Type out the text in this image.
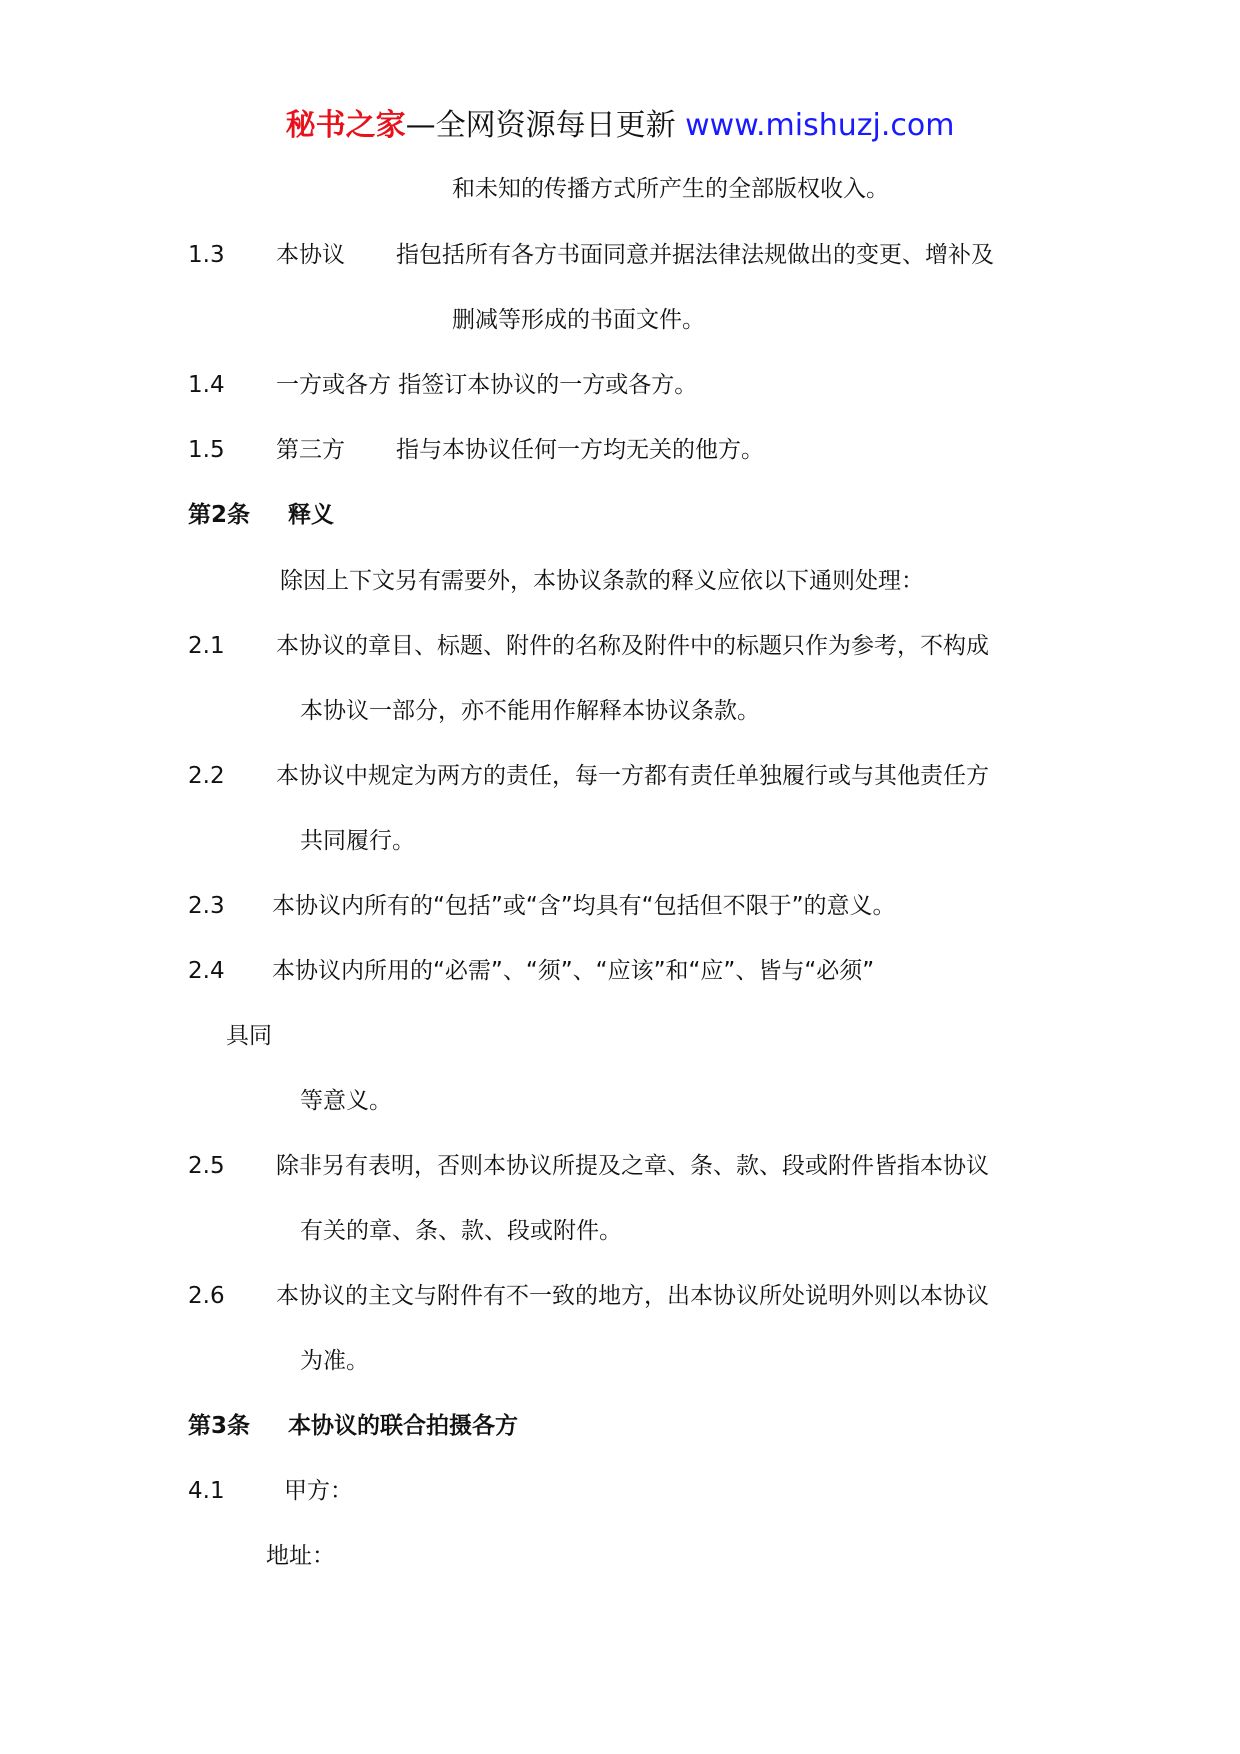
秘书之家—全网资源每日更新 www.mishuzj.com
和未知的传播方式所产生的全部版权收入。
1.3 本协议 指包括所有各方书面同意并据法律法规做出的变更、增补及
删减等形成的书面文件。
1.4 一方或各方 指签订本协议的一方或各方。
1.5 第三方 指与本协议任何一方均无关的他方。
第2条 释义
除因上下文另有需要外，本协议条款的释义应依以下通则处理：
2.1 本协议的章目、标题、附件的名称及附件中的标题只作为参考，不构成
本协议一部分，亦不能用作解释本协议条款。
2.2 本协议中规定为两方的责任，每一方都有责任单独履行或与其他责任方
共同履行。
2.3 本协议内所有的“包括”或“含”均具有“包括但不限于”的意义。
2.4 本协议内所用的“必需”、“须”、“应该”和“应”、皆与“必须”
具同
等意义。
2.5 除非另有表明，否则本协议所提及之章、条、款、段或附件皆指本协议
有关的章、条、款、段或附件。
2.6 本协议的主文与附件有不一致的地方，出本协议所处说明外则以本协议
为准。
第3条 本协议的联合拍摄各方
4.1	甲方：
地址：
